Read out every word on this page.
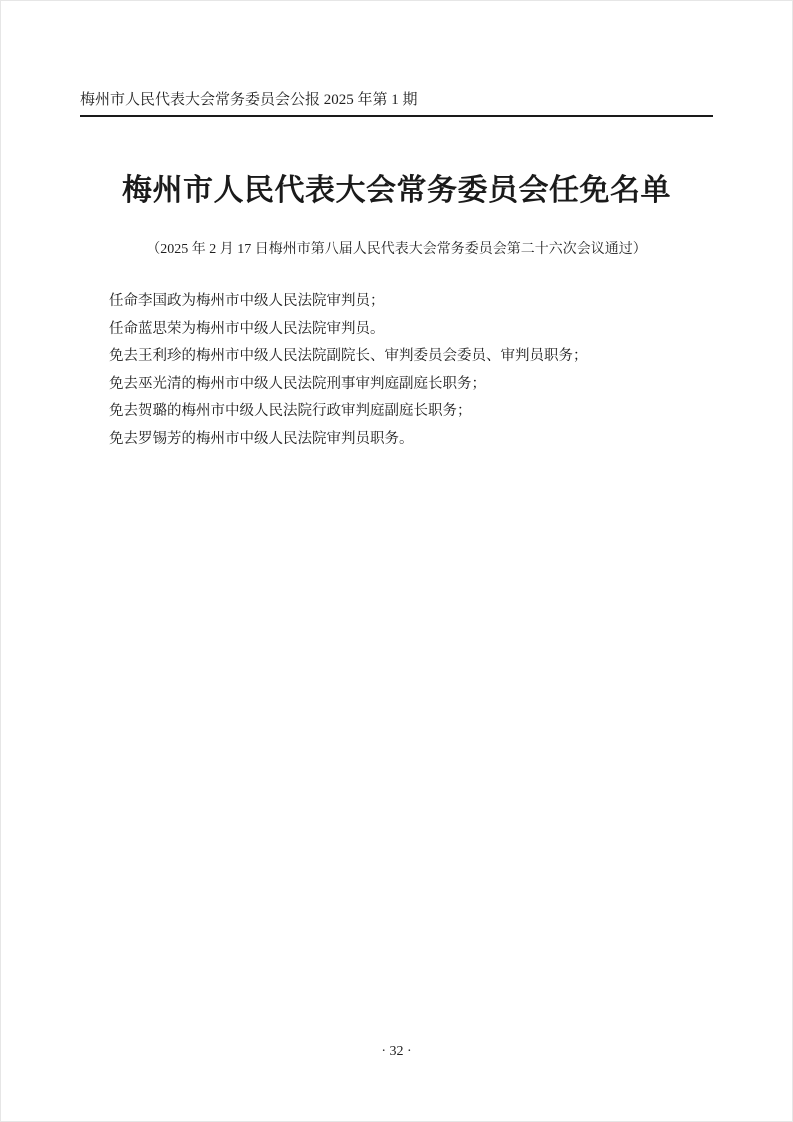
梅州市人民代表大会常务委员会公报 2025 年第 1 期
梅州市人民代表大会常务委员会任免名单

（2025 年 2 月 17 日梅州市第八届人民代表大会常务委员会第二十六次会议通过）

任命李国政为梅州市中级人民法院审判员；

任命蓝思荣为梅州市中级人民法院审判员。

免去王利珍的梅州市中级人民法院副院长、审判委员会委员、审判员职务；

免去巫光清的梅州市中级人民法院刑事审判庭副庭长职务；

免去贺璐的梅州市中级人民法院行政审判庭副庭长职务；

免去罗锡芳的梅州市中级人民法院审判员职务。

· 32 ·
